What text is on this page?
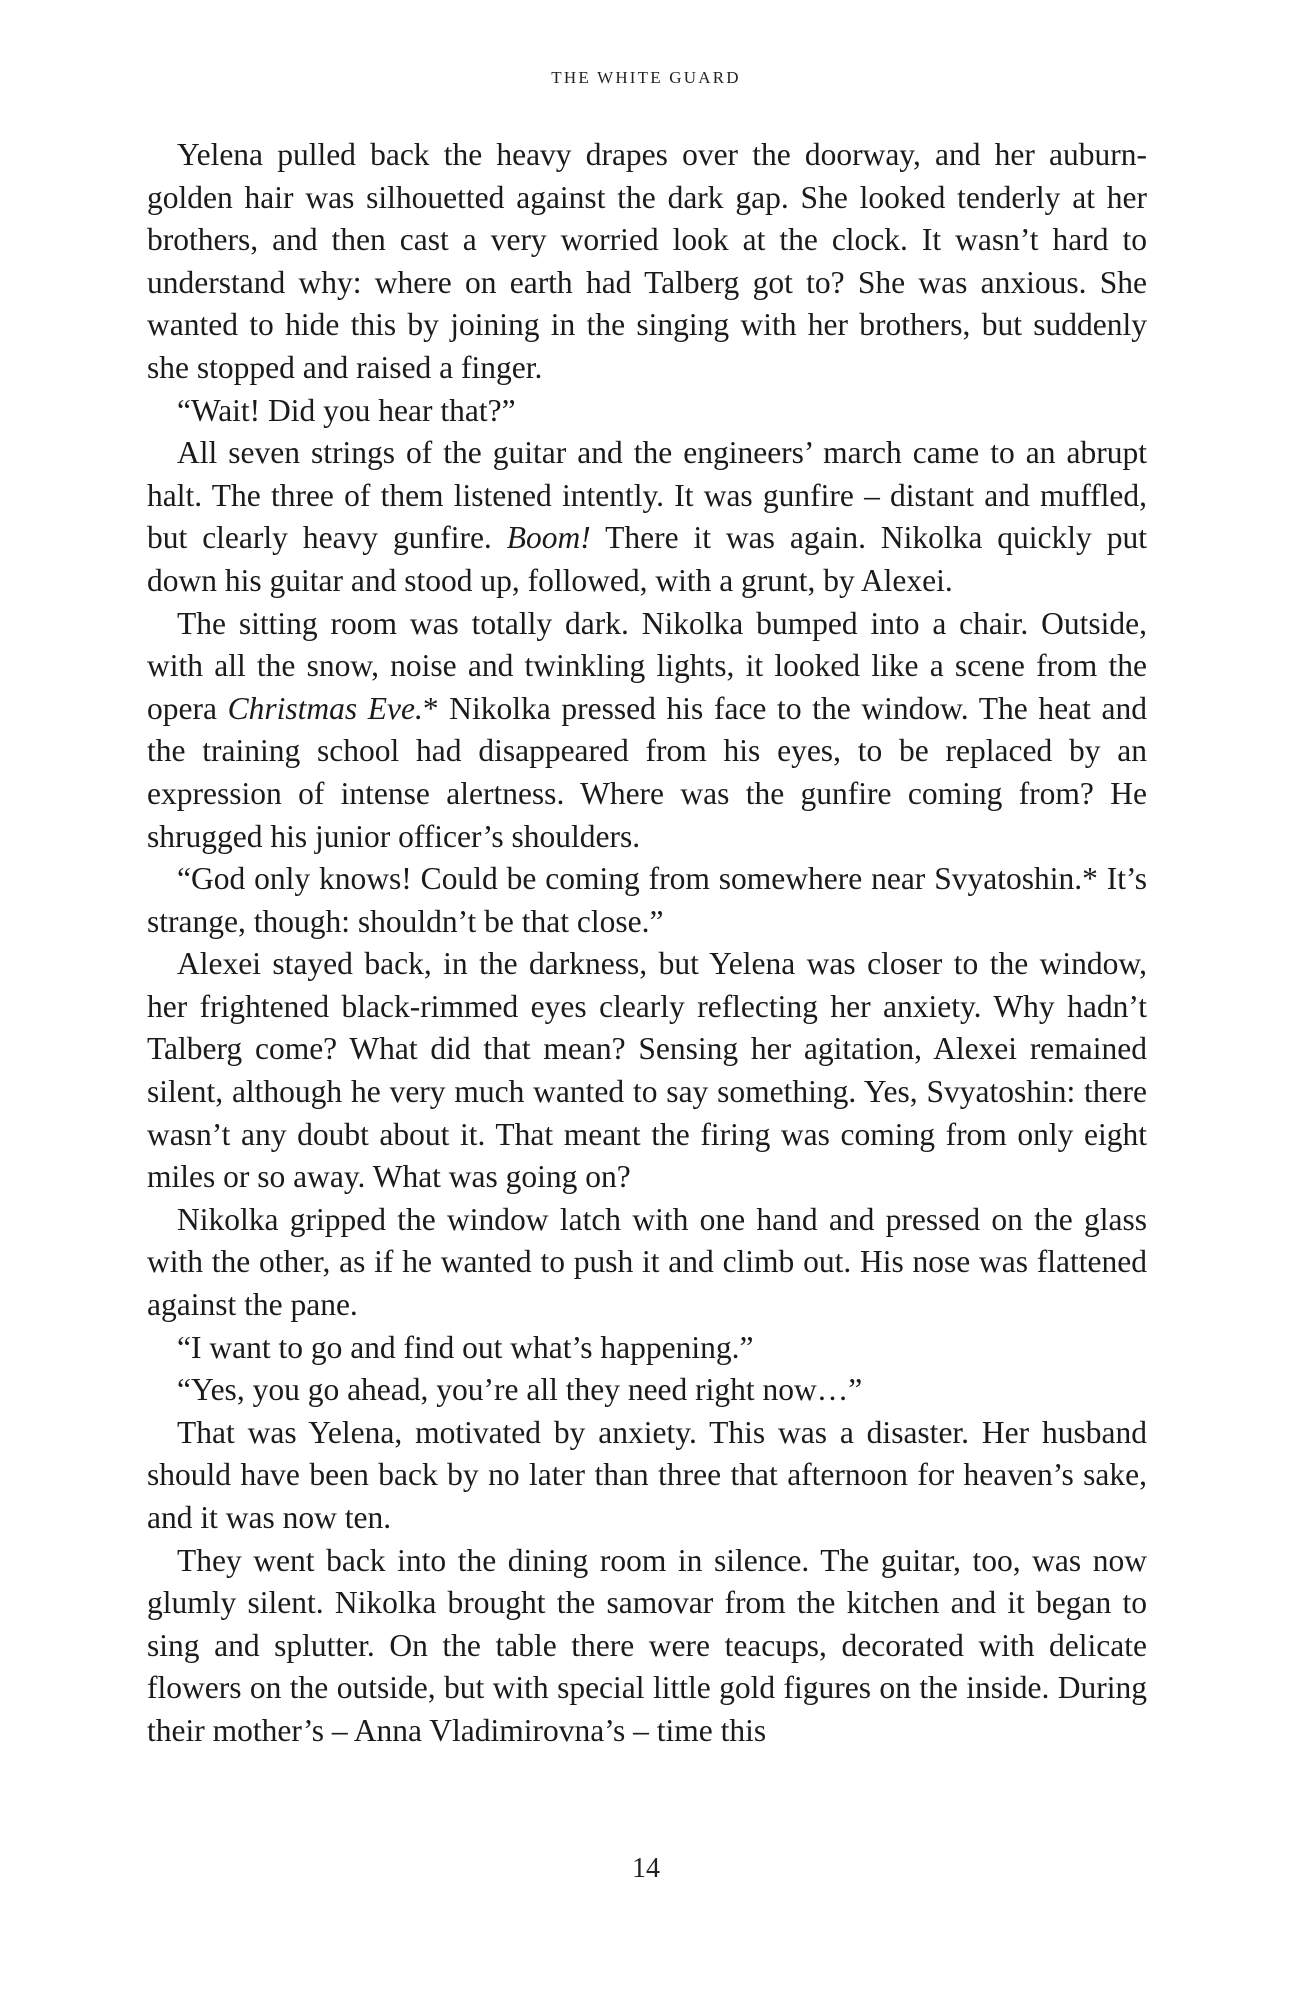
THE WHITE GUARD

Yelena pulled back the heavy drapes over the doorway, and her auburn-golden hair was silhouetted against the dark gap. She looked tenderly at her brothers, and then cast a very worried look at the clock. It wasn’t hard to understand why: where on earth had Talberg got to? She was anxious. She wanted to hide this by joining in the singing with her brothers, but suddenly she stopped and raised a finger.

“Wait! Did you hear that?”

All seven strings of the guitar and the engineers’ march came to an abrupt halt. The three of them listened intently. It was gunfire – distant and muffled, but clearly heavy gunfire. Boom! There it was again. Nikolka quickly put down his guitar and stood up, followed, with a grunt, by Alexei.

The sitting room was totally dark. Nikolka bumped into a chair. Outside, with all the snow, noise and twinkling lights, it looked like a scene from the opera Christmas Eve.* Nikolka pressed his face to the window. The heat and the training school had disappeared from his eyes, to be replaced by an expression of intense alertness. Where was the gunfire coming from? He shrugged his junior officer’s shoulders.

“God only knows! Could be coming from somewhere near Svyatoshin.* It’s strange, though: shouldn’t be that close.”

Alexei stayed back, in the darkness, but Yelena was closer to the window, her frightened black-rimmed eyes clearly reflecting her anxiety. Why hadn’t Talberg come? What did that mean? Sensing her agitation, Alexei remained silent, although he very much wanted to say something. Yes, Svyatoshin: there wasn’t any doubt about it. That meant the firing was coming from only eight miles or so away. What was going on?

Nikolka gripped the window latch with one hand and pressed on the glass with the other, as if he wanted to push it and climb out. His nose was flattened against the pane.

“I want to go and find out what’s happening.”

“Yes, you go ahead, you’re all they need right now…”

That was Yelena, motivated by anxiety. This was a disaster. Her husband should have been back by no later than three that afternoon for heaven’s sake, and it was now ten.

They went back into the dining room in silence. The guitar, too, was now glumly silent. Nikolka brought the samovar from the kitchen and it began to sing and splutter. On the table there were teacups, decorated with delicate flowers on the outside, but with special little gold figures on the inside. During their mother’s – Anna Vladimirovna’s – time this

14
